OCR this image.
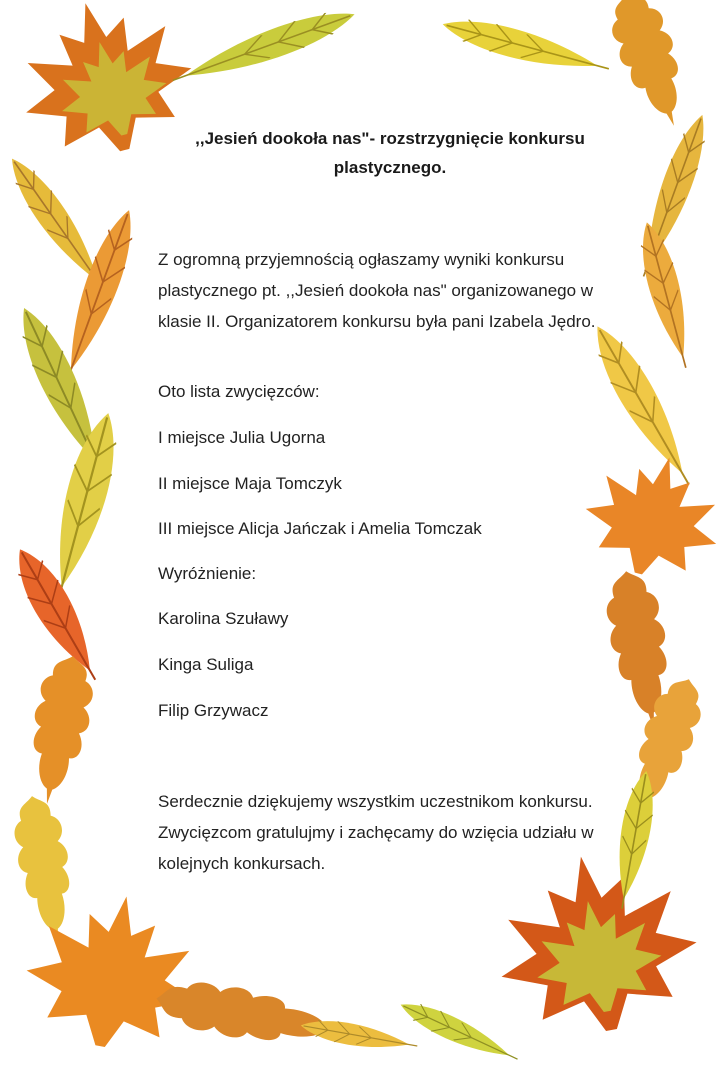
,,Jesień dookoła nas"- rozstrzygnięcie konkursu plastycznego.
Z ogromną przyjemnością ogłaszamy wyniki konkursu plastycznego pt. ,,Jesień dookoła nas" organizowanego w klasie II. Organizatorem konkursu była pani Izabela Jędro.
Oto lista zwycięzców:
I miejsce Julia Ugorna
II miejsce Maja Tomczyk
III miejsce Alicja Jańczak i Amelia Tomczak
Wyróżnienie:
Karolina Szuławy
Kinga Suliga
Filip Grzywacz
Serdecznie dziękujemy wszystkim uczestnikom konkursu. Zwycięzcom gratulujmy i zachęcamy do wzięcia udziału w kolejnych konkursach.
